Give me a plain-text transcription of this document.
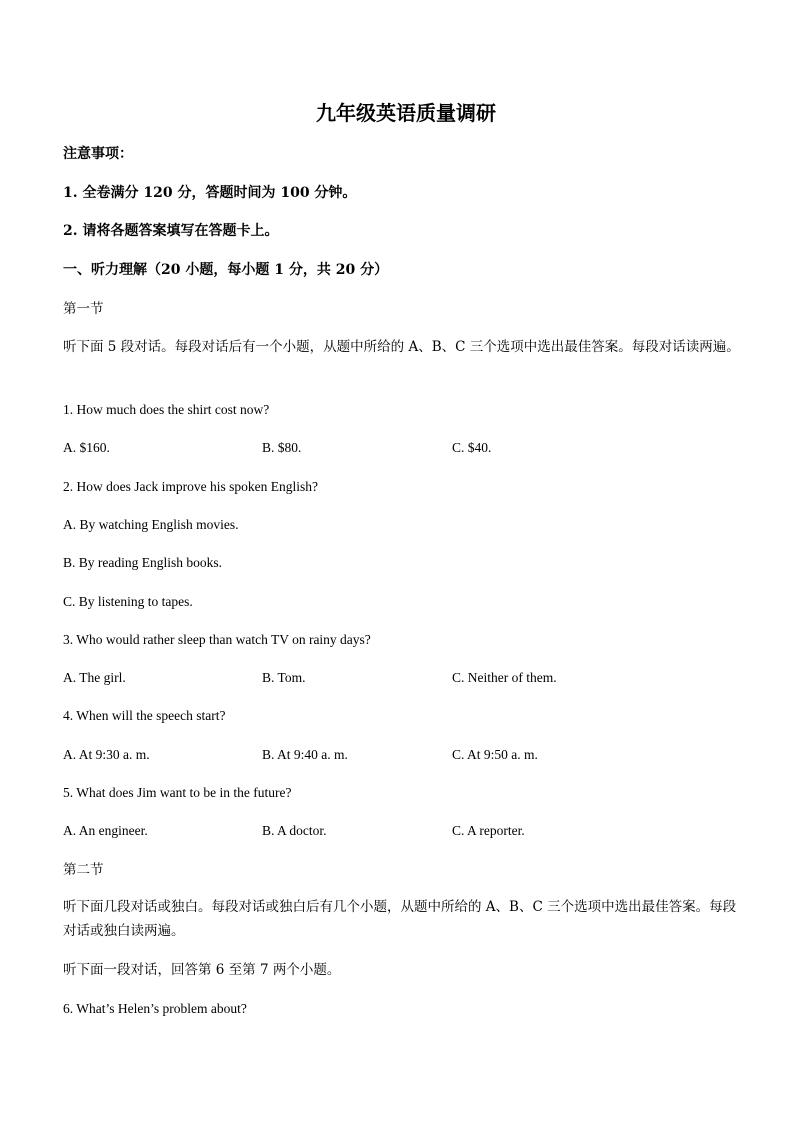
九年级英语质量调研
注意事项：
1. 全卷满分 120 分，答题时间为 100 分钟。
2. 请将各题答案填写在答题卡上。
一、听力理解（20 小题，每小题 1 分，共 20 分）
第一节
听下面 5 段对话。每段对话后有一个小题，从题中所给的 A、B、C 三个选项中选出最佳答案。每段对话读两遍。
1. How much does the shirt cost now?
A. $160.	B. $80.	C. $40.
2. How does Jack improve his spoken English?
A. By watching English movies.
B. By reading English books.
C. By listening to tapes.
3. Who would rather sleep than watch TV on rainy days?
A. The girl.	B. Tom.	C. Neither of them.
4. When will the speech start?
A. At 9:30 a. m.	B. At 9:40 a. m.	C. At 9:50 a. m.
5. What does Jim want to be in the future?
A. An engineer.	B. A doctor.	C. A reporter.
第二节
听下面几段对话或独白。每段对话或独白后有几个小题，从题中所给的 A、B、C 三个选项中选出最佳答案。每段对话或独白读两遍。
听下面一段对话，回答第 6 至第 7 两个小题。
6. What’s Helen’s problem about?
